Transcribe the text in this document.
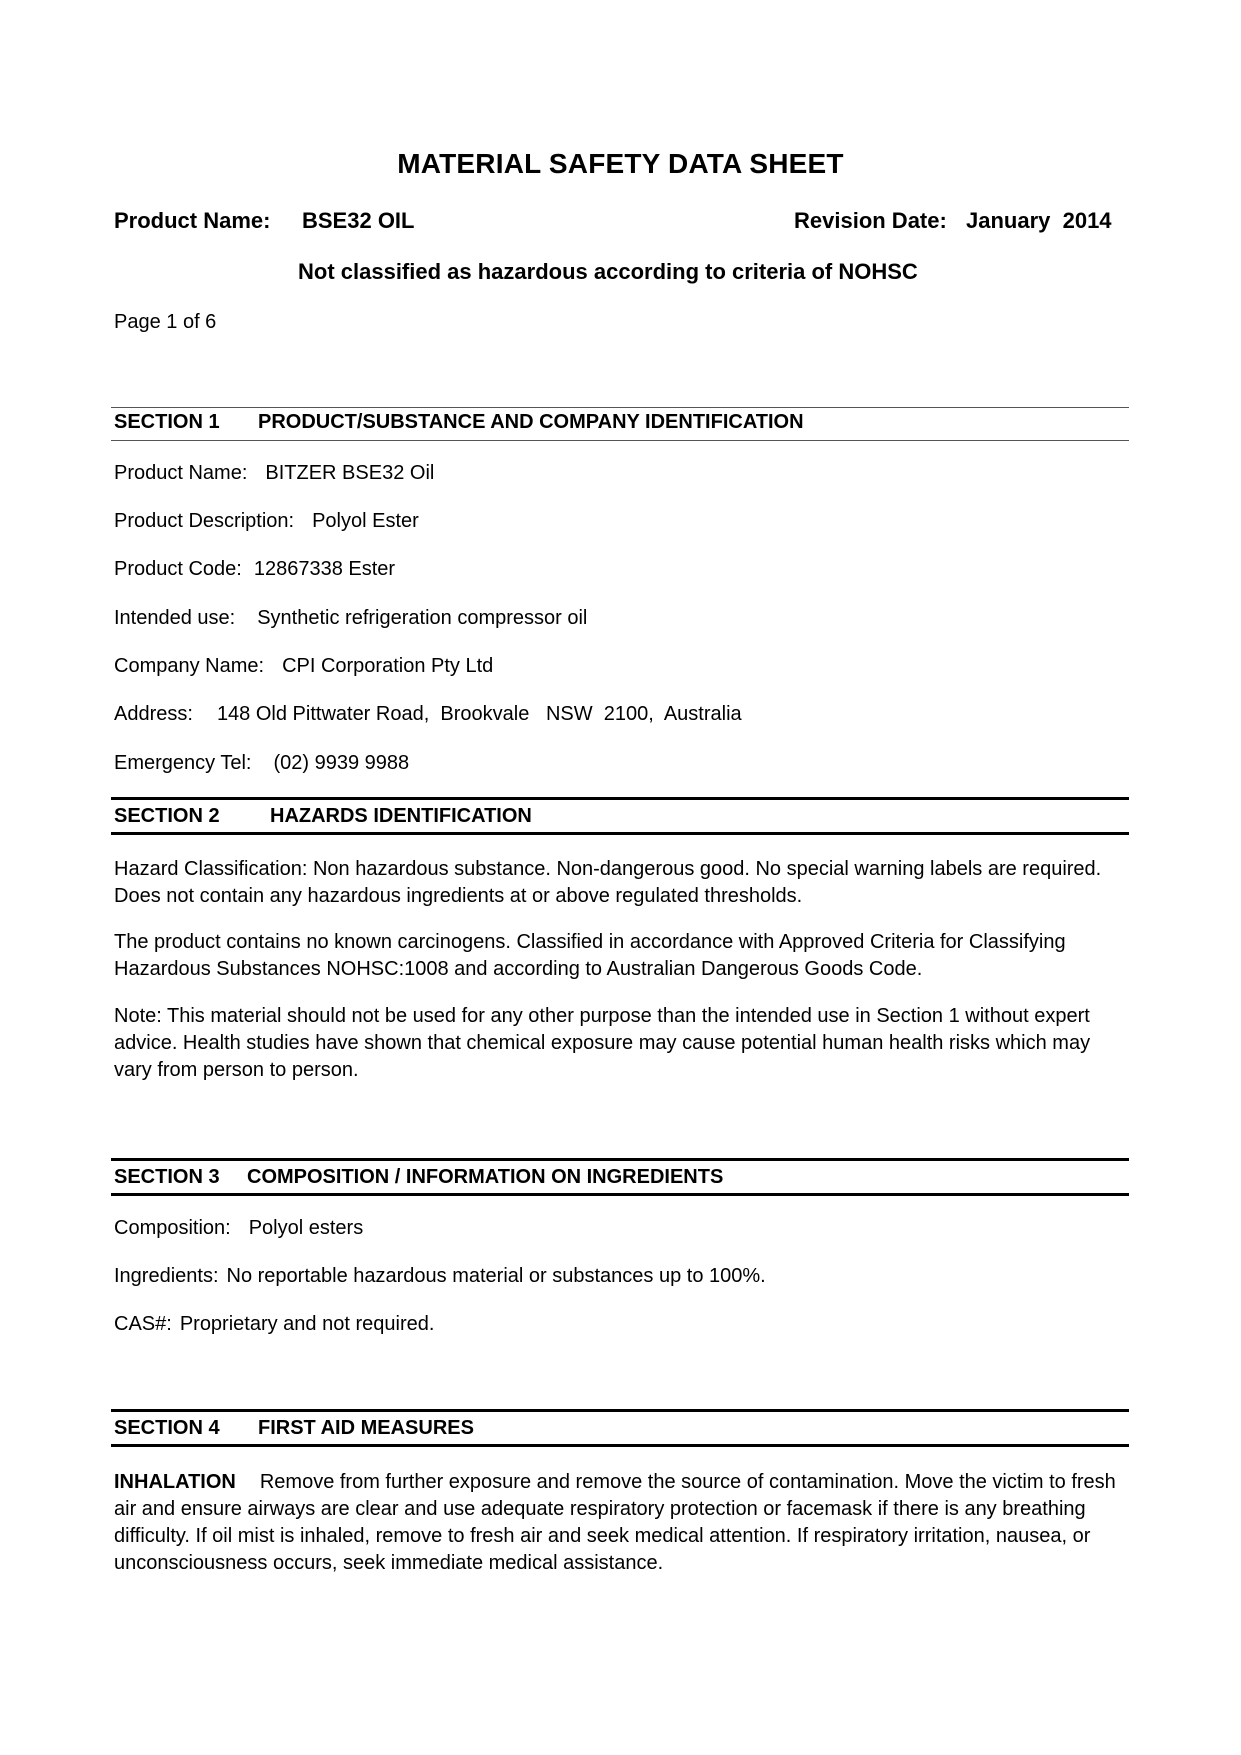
MATERIAL SAFETY DATA SHEET
Product Name: BSE32 OIL	Revision Date: January  2014
Not classified as hazardous according to criteria of NOHSC
Page 1 of 6
SECTION 1 PRODUCT/SUBSTANCE AND COMPANY IDENTIFICATION
Product Name: BITZER BSE32 Oil
Product Description: Polyol Ester
Product Code: 12867338 Ester
Intended use: Synthetic refrigeration compressor oil
Company Name: CPI Corporation Pty Ltd
Address: 148 Old Pittwater Road,  Brookvale   NSW  2100,  Australia
Emergency Tel: (02) 9939 9988
SECTION 2	HAZARDS IDENTIFICATION
Hazard Classification: Non hazardous substance. Non-dangerous good. No special warning labels are required. Does not contain any hazardous ingredients at or above regulated thresholds.
The product contains no known carcinogens. Classified in accordance with Approved Criteria for Classifying Hazardous Substances NOHSC:1008 and according to Australian Dangerous Goods Code.
Note: This material should not be used for any other purpose than the intended use in Section 1 without expert advice. Health studies have shown that chemical exposure may cause potential human health risks which may vary from person to person.
SECTION 3 COMPOSITION / INFORMATION ON INGREDIENTS
Composition: Polyol esters
Ingredients: No reportable hazardous material or substances up to 100%.
CAS#: Proprietary and not required.
SECTION 4 FIRST AID MEASURES
INHALATION Remove from further exposure and remove the source of contamination. Move the victim to fresh air and ensure airways are clear and use adequate respiratory protection or facemask if there is any breathing difficulty. If oil mist is inhaled, remove to fresh air and seek medical attention. If respiratory irritation, nausea, or unconsciousness occurs, seek immediate medical assistance.
